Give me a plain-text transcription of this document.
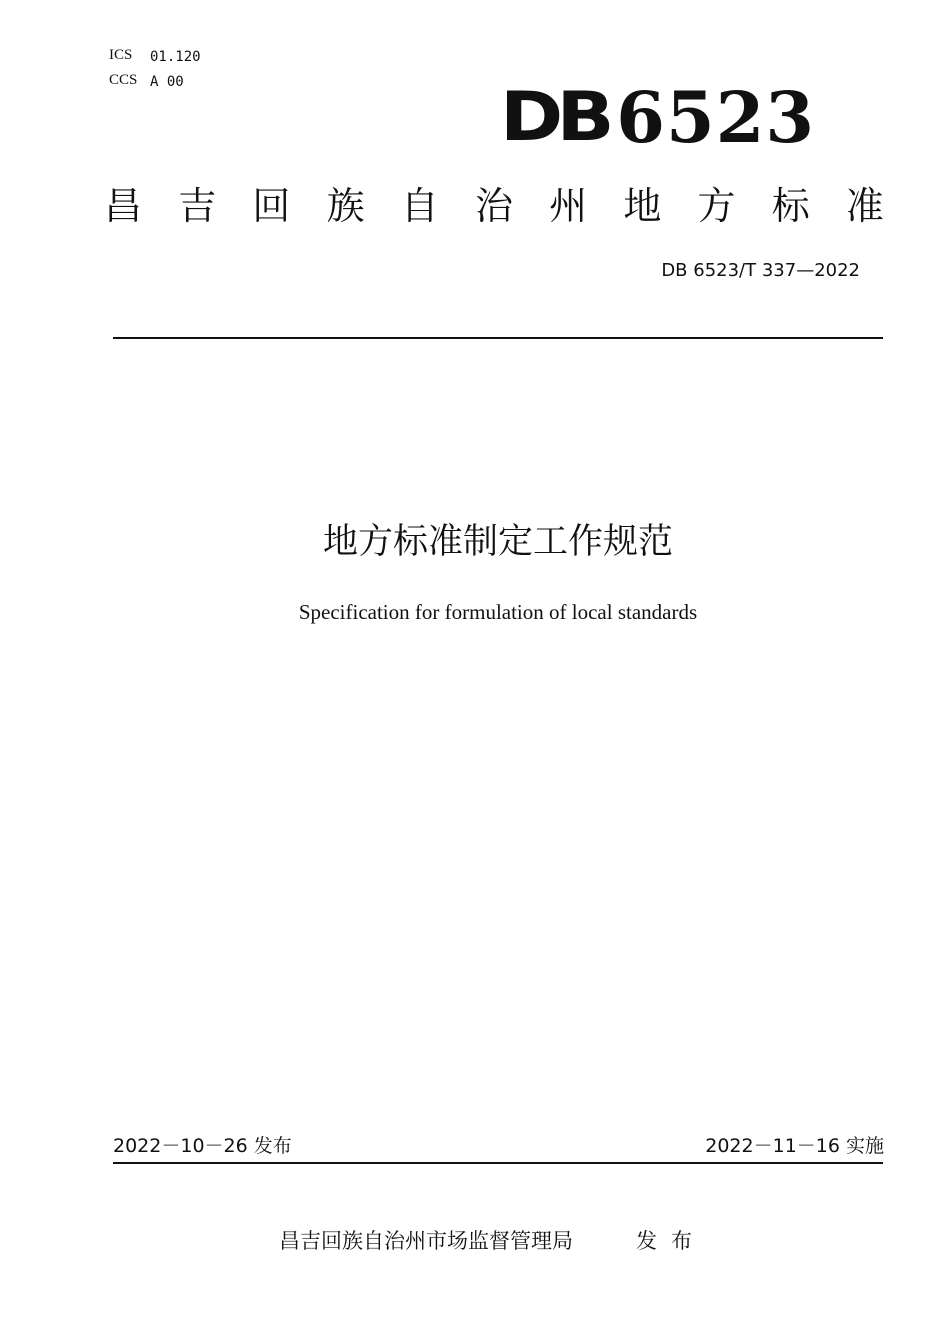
ICS 01.120
CCS A 00	DB 6523
昌 吉 回 族 自 治 州 地 方 标 准
DB 6523/T 337—2022
地方标准制定工作规范
Specification for formulation of local standards
2022－10－26 发布	2022－11－16 实施
昌吉回族自治州市场监督管理局	发布
